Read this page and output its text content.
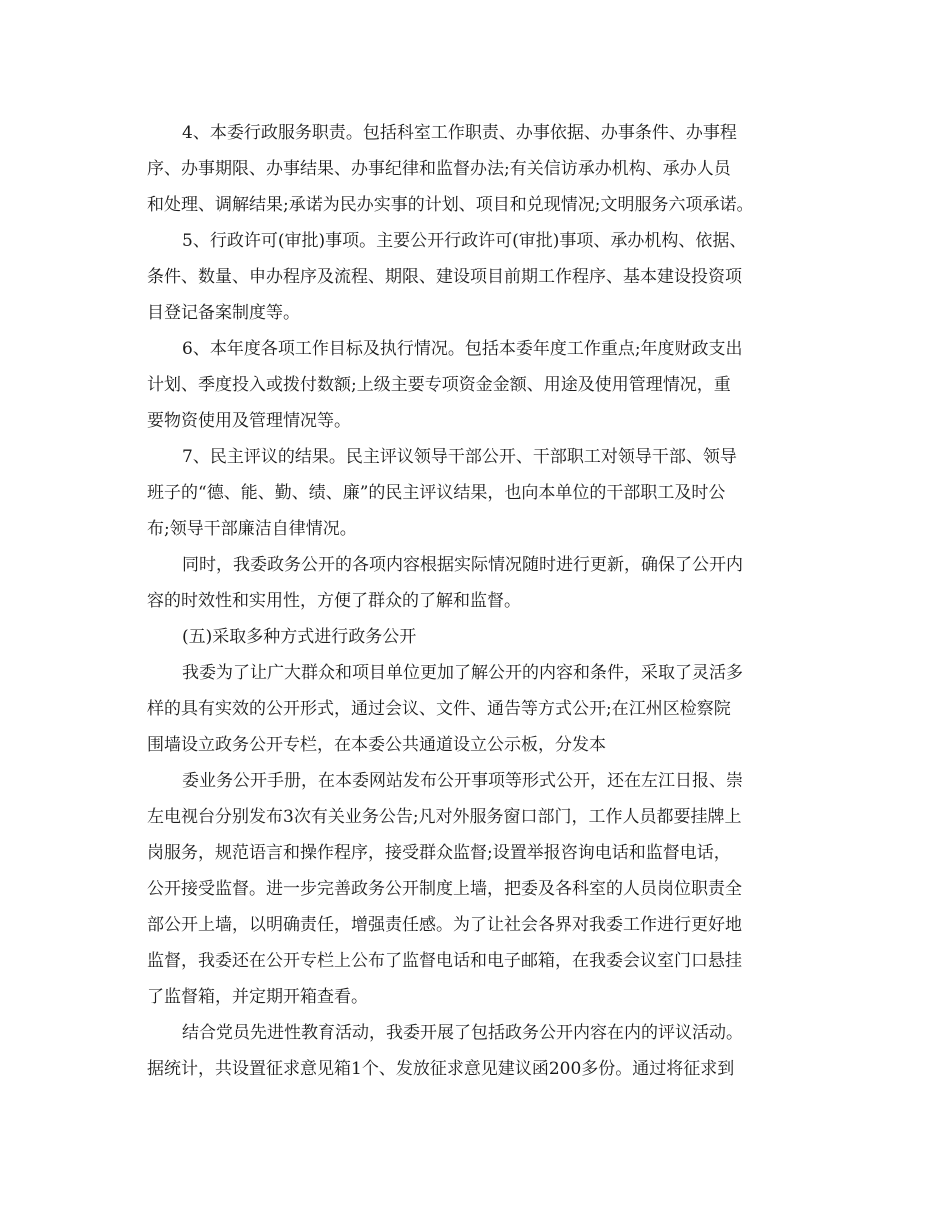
4、本委行政服务职责。包括科室工作职责、办事依据、办事条件、办事程

序、办事期限、办事结果、办事纪律和监督办法;有关信访承办机构、承办人员

和处理、调解结果;承诺为民办实事的计划、项目和兑现情况;文明服务六项承诺。

5、行政许可(审批)事项。主要公开行政许可(审批)事项、承办机构、依据、

条件、数量、申办程序及流程、期限、建设项目前期工作程序、基本建设投资项

目登记备案制度等。

6、本年度各项工作目标及执行情况。包括本委年度工作重点;年度财政支出

计划、季度投入或拨付数额;上级主要专项资金金额、用途及使用管理情况，重

要物资使用及管理情况等。

7、民主评议的结果。民主评议领导干部公开、干部职工对领导干部、领导

班子的“德、能、勤、绩、廉”的民主评议结果，也向本单位的干部职工及时公

布;领导干部廉洁自律情况。

同时，我委政务公开的各项内容根据实际情况随时进行更新，确保了公开内

容的时效性和实用性，方便了群众的了解和监督。

(五)采取多种方式进行政务公开

我委为了让广大群众和项目单位更加了解公开的内容和条件，采取了灵活多

样的具有实效的公开形式，通过会议、文件、通告等方式公开;在江州区检察院

围墙设立政务公开专栏，在本委公共通道设立公示板，分发本

委业务公开手册，在本委网站发布公开事项等形式公开，还在左江日报、崇

左电视台分别发布3次有关业务公告;凡对外服务窗口部门，工作人员都要挂牌上

岗服务，规范语言和操作程序，接受群众监督;设置举报咨询电话和监督电话，

公开接受监督。进一步完善政务公开制度上墙，把委及各科室的人员岗位职责全

部公开上墙，以明确责任，增强责任感。为了让社会各界对我委工作进行更好地

监督，我委还在公开专栏上公布了监督电话和电子邮箱，在我委会议室门口悬挂

了监督箱，并定期开箱查看。

结合党员先进性教育活动，我委开展了包括政务公开内容在内的评议活动。

据统计，共设置征求意见箱1个、发放征求意见建议函200多份。通过将征求到
